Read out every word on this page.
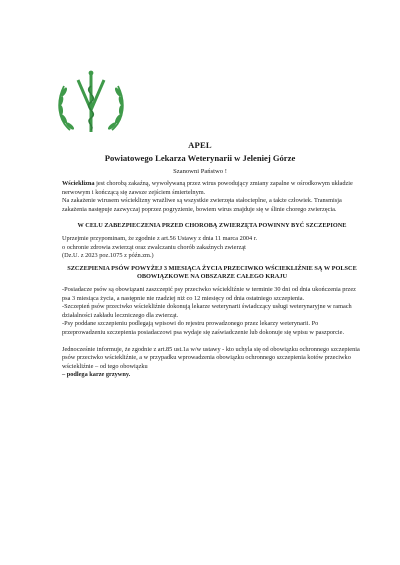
APEL
Powiatowego Lekarza Weterynarii w Jeleniej Górze
Szanowni Państwo !

Wścieklizna jest chorobą zakaźną, wywoływaną przez wirus powodujący zmiany zapalne w ośrodkowym układzie nerwowym i kończącą się zawsze zejściem śmiertelnym.

Na zakażenie wirusem wścieklizny wrażliwe są wszystkie zwierzęta stałocieplne, a także człowiek. Transmisja zakażenia następuje zazwyczaj poprzez pogryzienie, bowiem wirus znajduje się w ślinie chorego zwierzęcia.

W CELU ZABEZPIECZENIA PRZED CHOROBĄ ZWIERZĘTA POWINNY BYĆ SZCZEPIONE

Uprzejmie przypominam, że zgodnie z art.56 Ustawy z dnia 11 marca 2004 r.

o ochronie zdrowia zwierząt oraz zwalczaniu chorób zakaźnych zwierząt

(Dz.U. z 2023 poz.1075 z późn.zm.)

SZCZEPIENIA PSÓW POWYŻEJ 3 MIESIĄCA ŻYCIA PRZECIWKO WŚCIEKLIŹNIE SĄ W POLSCE OBOWIĄZKOWE NA OBSZARZE CAŁEGO KRAJU

-Posiadacze psów są obowiązani zaszczepić psy przeciwko wściekliźnie w terminie 30 dni od dnia ukończenia przez psa 3 miesiąca życia, a następnie nie rzadziej niż co 12 miesięcy od dnia ostatniego szczepienia.

-Szczepień psów przeciwko wściekliźnie dokonują lekarze weterynarii świadczący usługi weterynaryjne w ramach działalności zakładu leczniczego dla zwierząt.

-Psy poddane szczepieniu podlegają wpisowi do rejestru prowadzonego przez lekarzy weterynarii. Po przeprowadzeniu szczepienia posiadaczowi psa wydaje się zaświadczenie lub dokonuje się wpisu w paszporcie.

Jednocześnie informuje, że zgodnie z art.85 ust.1a w/w ustawy - kto uchyla się od obowiązku ochronnego szczepienia psów przeciwko wściekliźnie, a w przypadku wprowadzenia obowiązku ochronnego szczepienia kotów przeciwko wściekliźnie – od tego obowiązku

– podlega karze grzywny.
